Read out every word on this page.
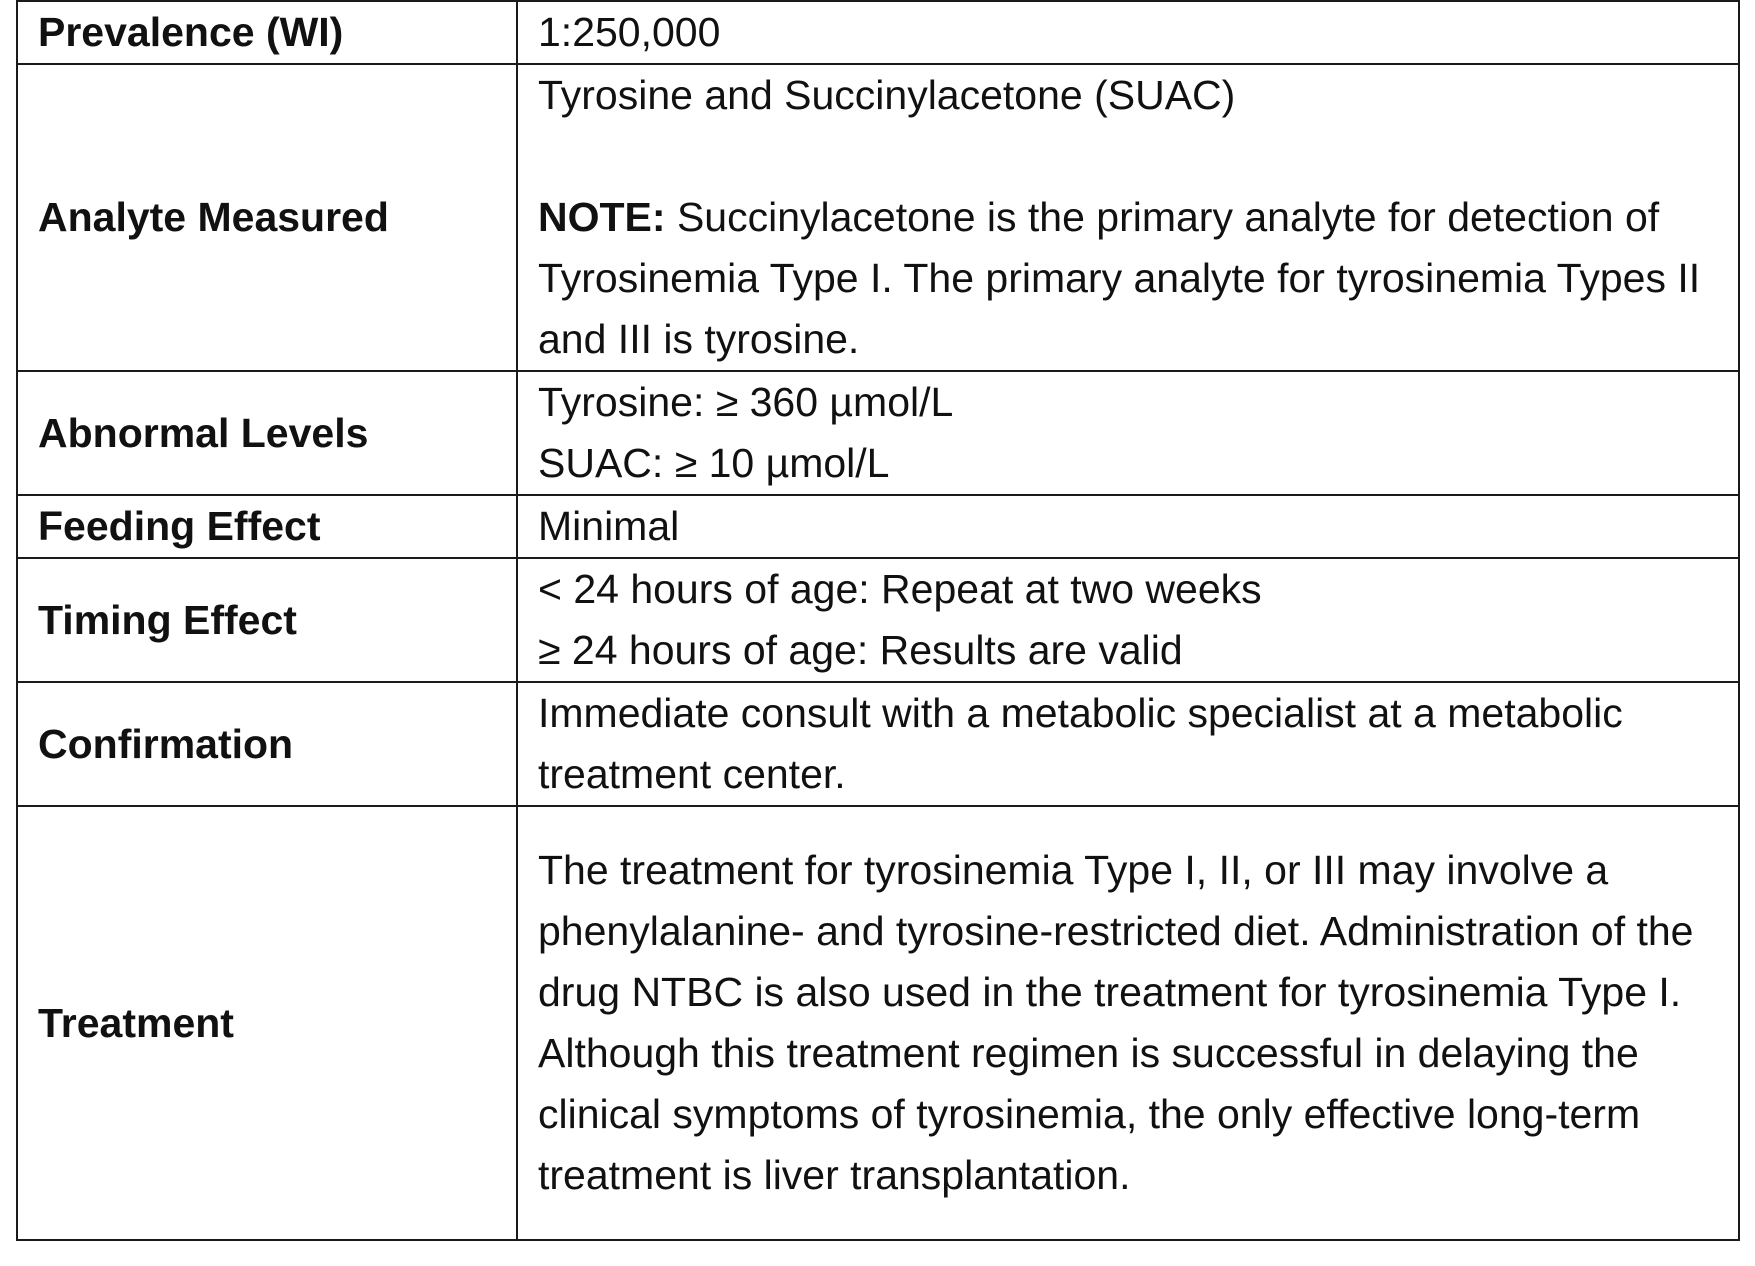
Prevalence (WI)	1:250,000
Analyte Measured	Tyrosine and Succinylacetone (SUAC)
NOTE: Succinylacetone is the primary analyte for detection of Tyrosinemia Type I. The primary analyte for tyrosinemia Types II and III is tyrosine.
Abnormal Levels	Tyrosine: ≥ 360 µmol/L
SUAC: ≥ 10 µmol/L

Feeding Effect	Minimal
Timing Effect	< 24 hours of age: Repeat at two weeks
≥ 24 hours of age: Results are valid

Confirmation	Immediate consult with a metabolic specialist at a metabolic treatment center.
Treatment	The treatment for tyrosinemia Type I, II, or III may involve a phenylalanine- and tyrosine-restricted diet. Administration of the drug NTBC is also used in the treatment for tyrosinemia Type I. Although this treatment regimen is successful in delaying the clinical symptoms of tyrosinemia, the only effective long-term treatment is liver transplantation.
